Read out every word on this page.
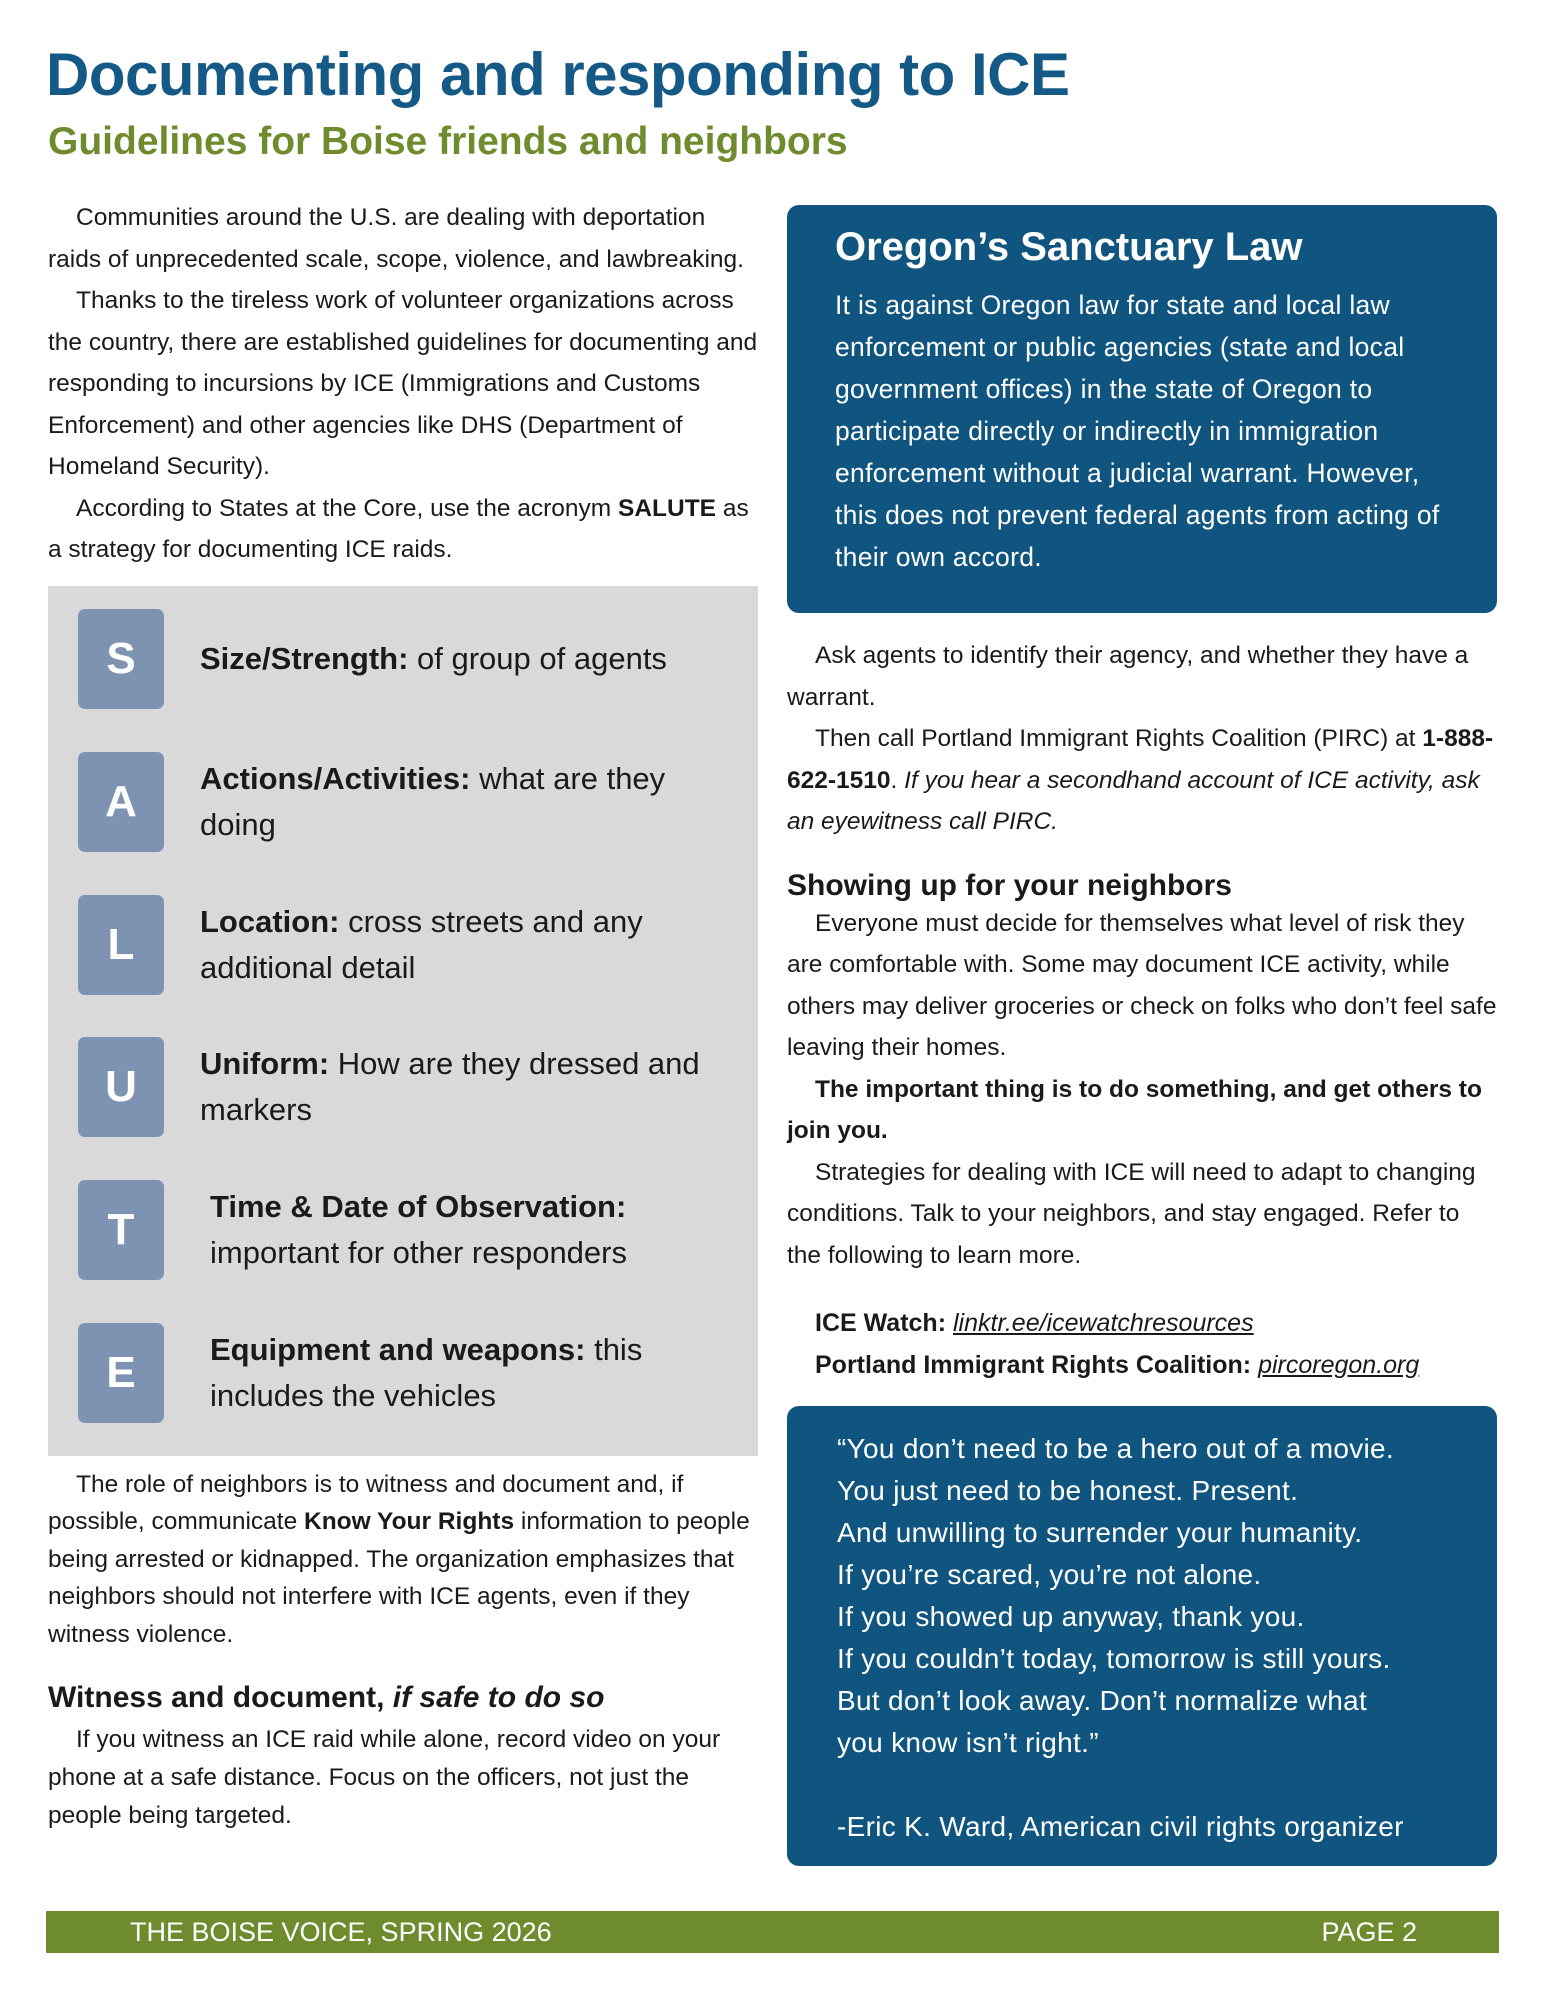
Documenting and responding to ICE
Guidelines for Boise friends and neighbors

Communities around the U.S. are dealing with deportation raids of unprecedented scale, scope, violence, and lawbreaking.

Thanks to the tireless work of volunteer organizations across the country, there are established guidelines for documenting and responding to incursions by ICE (Immigrations and Customs Enforcement) and other agencies like DHS (Department of Homeland Security).

According to States at the Core, use the acronym SALUTE as a strategy for documenting ICE raids.

S	Size/Strength: of group of agents
A	Actions/Activities: what are they doing
L	Location: cross streets and any additional detail
U	Uniform: How are they dressed and markers
T	Time & Date of Observation: important for other responders
E	Equipment and weapons: this includes the vehicles

The role of neighbors is to witness and document and, if possible, communicate Know Your Rights information to people being arrested or kidnapped. The organization emphasizes that neighbors should not interfere with ICE agents, even if they witness violence.

Witness and document, if safe to do so

If you witness an ICE raid while alone, record video on your phone at a safe distance. Focus on the officers, not just the people being targeted.

Oregon’s Sanctuary Law

It is against Oregon law for state and local law enforcement or public agencies (state and local government offices) in the state of Oregon to participate directly or indirectly in immigration enforcement without a judicial warrant. However, this does not prevent federal agents from acting of their own accord.

Ask agents to identify their agency, and whether they have a warrant.

Then call Portland Immigrant Rights Coalition (PIRC) at 1-888-622-1510. If you hear a secondhand account of ICE activity, ask an eyewitness call PIRC.

Showing up for your neighbors

Everyone must decide for themselves what level of risk they are comfortable with. Some may document ICE activity, while others may deliver groceries or check on folks who don’t feel safe leaving their homes.

The important thing is to do something, and get others to join you.

Strategies for dealing with ICE will need to adapt to changing conditions. Talk to your neighbors, and stay engaged. Refer to the following to learn more.

ICE Watch: linktr.ee/icewatchresources
Portland Immigrant Rights Coalition: pircoregon.org
“You don’t need to be a hero out of a movie.
You just need to be honest. Present.
And unwilling to surrender your humanity.
If you’re scared, you’re not alone.
If you showed up anyway, thank you.
If you couldn’t today, tomorrow is still yours.
But don’t look away. Don’t normalize what
you know isn’t right.”
-Eric K. Ward, American civil rights organizer
THE BOISE VOICE, SPRING 2026	PAGE 2
